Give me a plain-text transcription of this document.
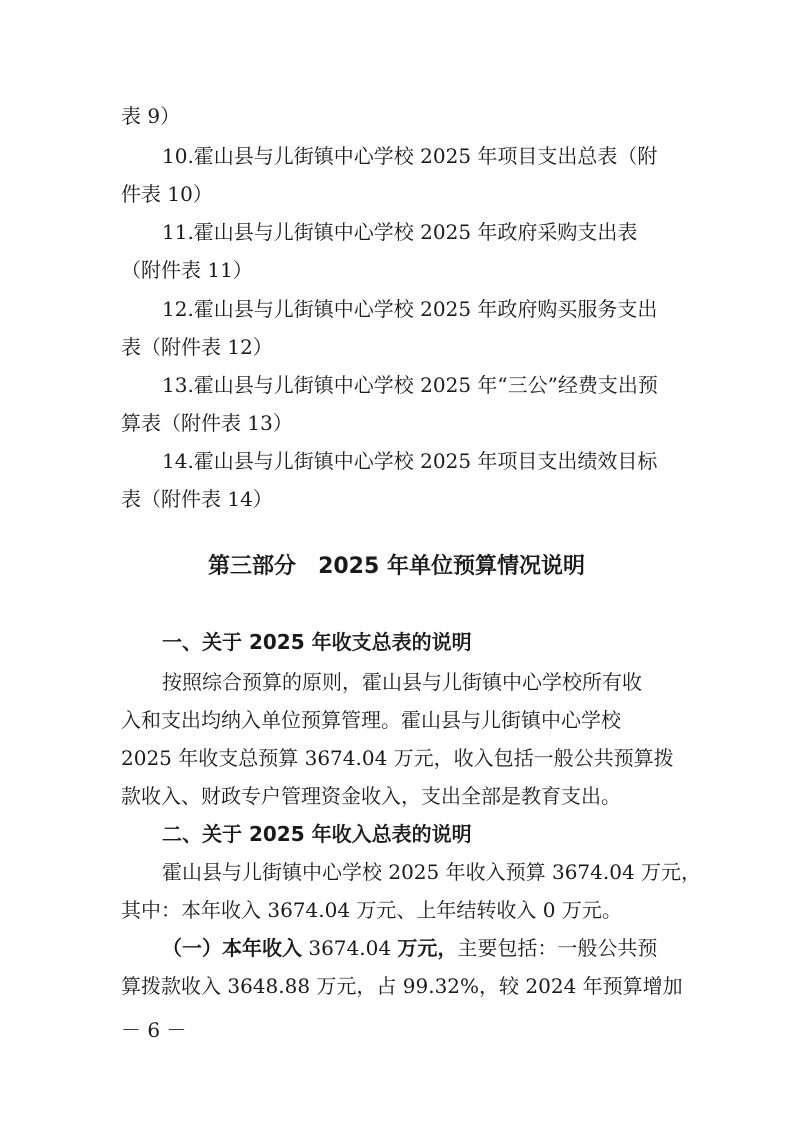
表 9）
10.霍山县与儿街镇中心学校 2025 年项目支出总表（附
件表 10）
11.霍山县与儿街镇中心学校 2025 年政府采购支出表
（附件表 11）
12.霍山县与儿街镇中心学校 2025 年政府购买服务支出
表（附件表 12）
13.霍山县与儿街镇中心学校 2025 年“三公”经费支出预
算表（附件表 13）
14.霍山县与儿街镇中心学校 2025 年项目支出绩效目标
表（附件表 14）
第三部分 2025 年单位预算情况说明
一、关于 2025 年收支总表的说明
按照综合预算的原则，霍山县与儿街镇中心学校所有收
入和支出均纳入单位预算管理。霍山县与儿街镇中心学校
2025 年收支总预算 3674.04 万元，收入包括一般公共预算拨
款收入、财政专户管理资金收入，支出全部是教育支出。
二、关于 2025 年收入总表的说明
霍山县与儿街镇中心学校 2025 年收入预算 3674.04 万元，
其中：本年收入 3674.04 万元、上年结转收入 0 万元。
（一）本年收入 3674.04 万元，主要包括：一般公共预
算拨款收入 3648.88 万元，占 99.32%，较 2024 年预算增加
－ 6 －
